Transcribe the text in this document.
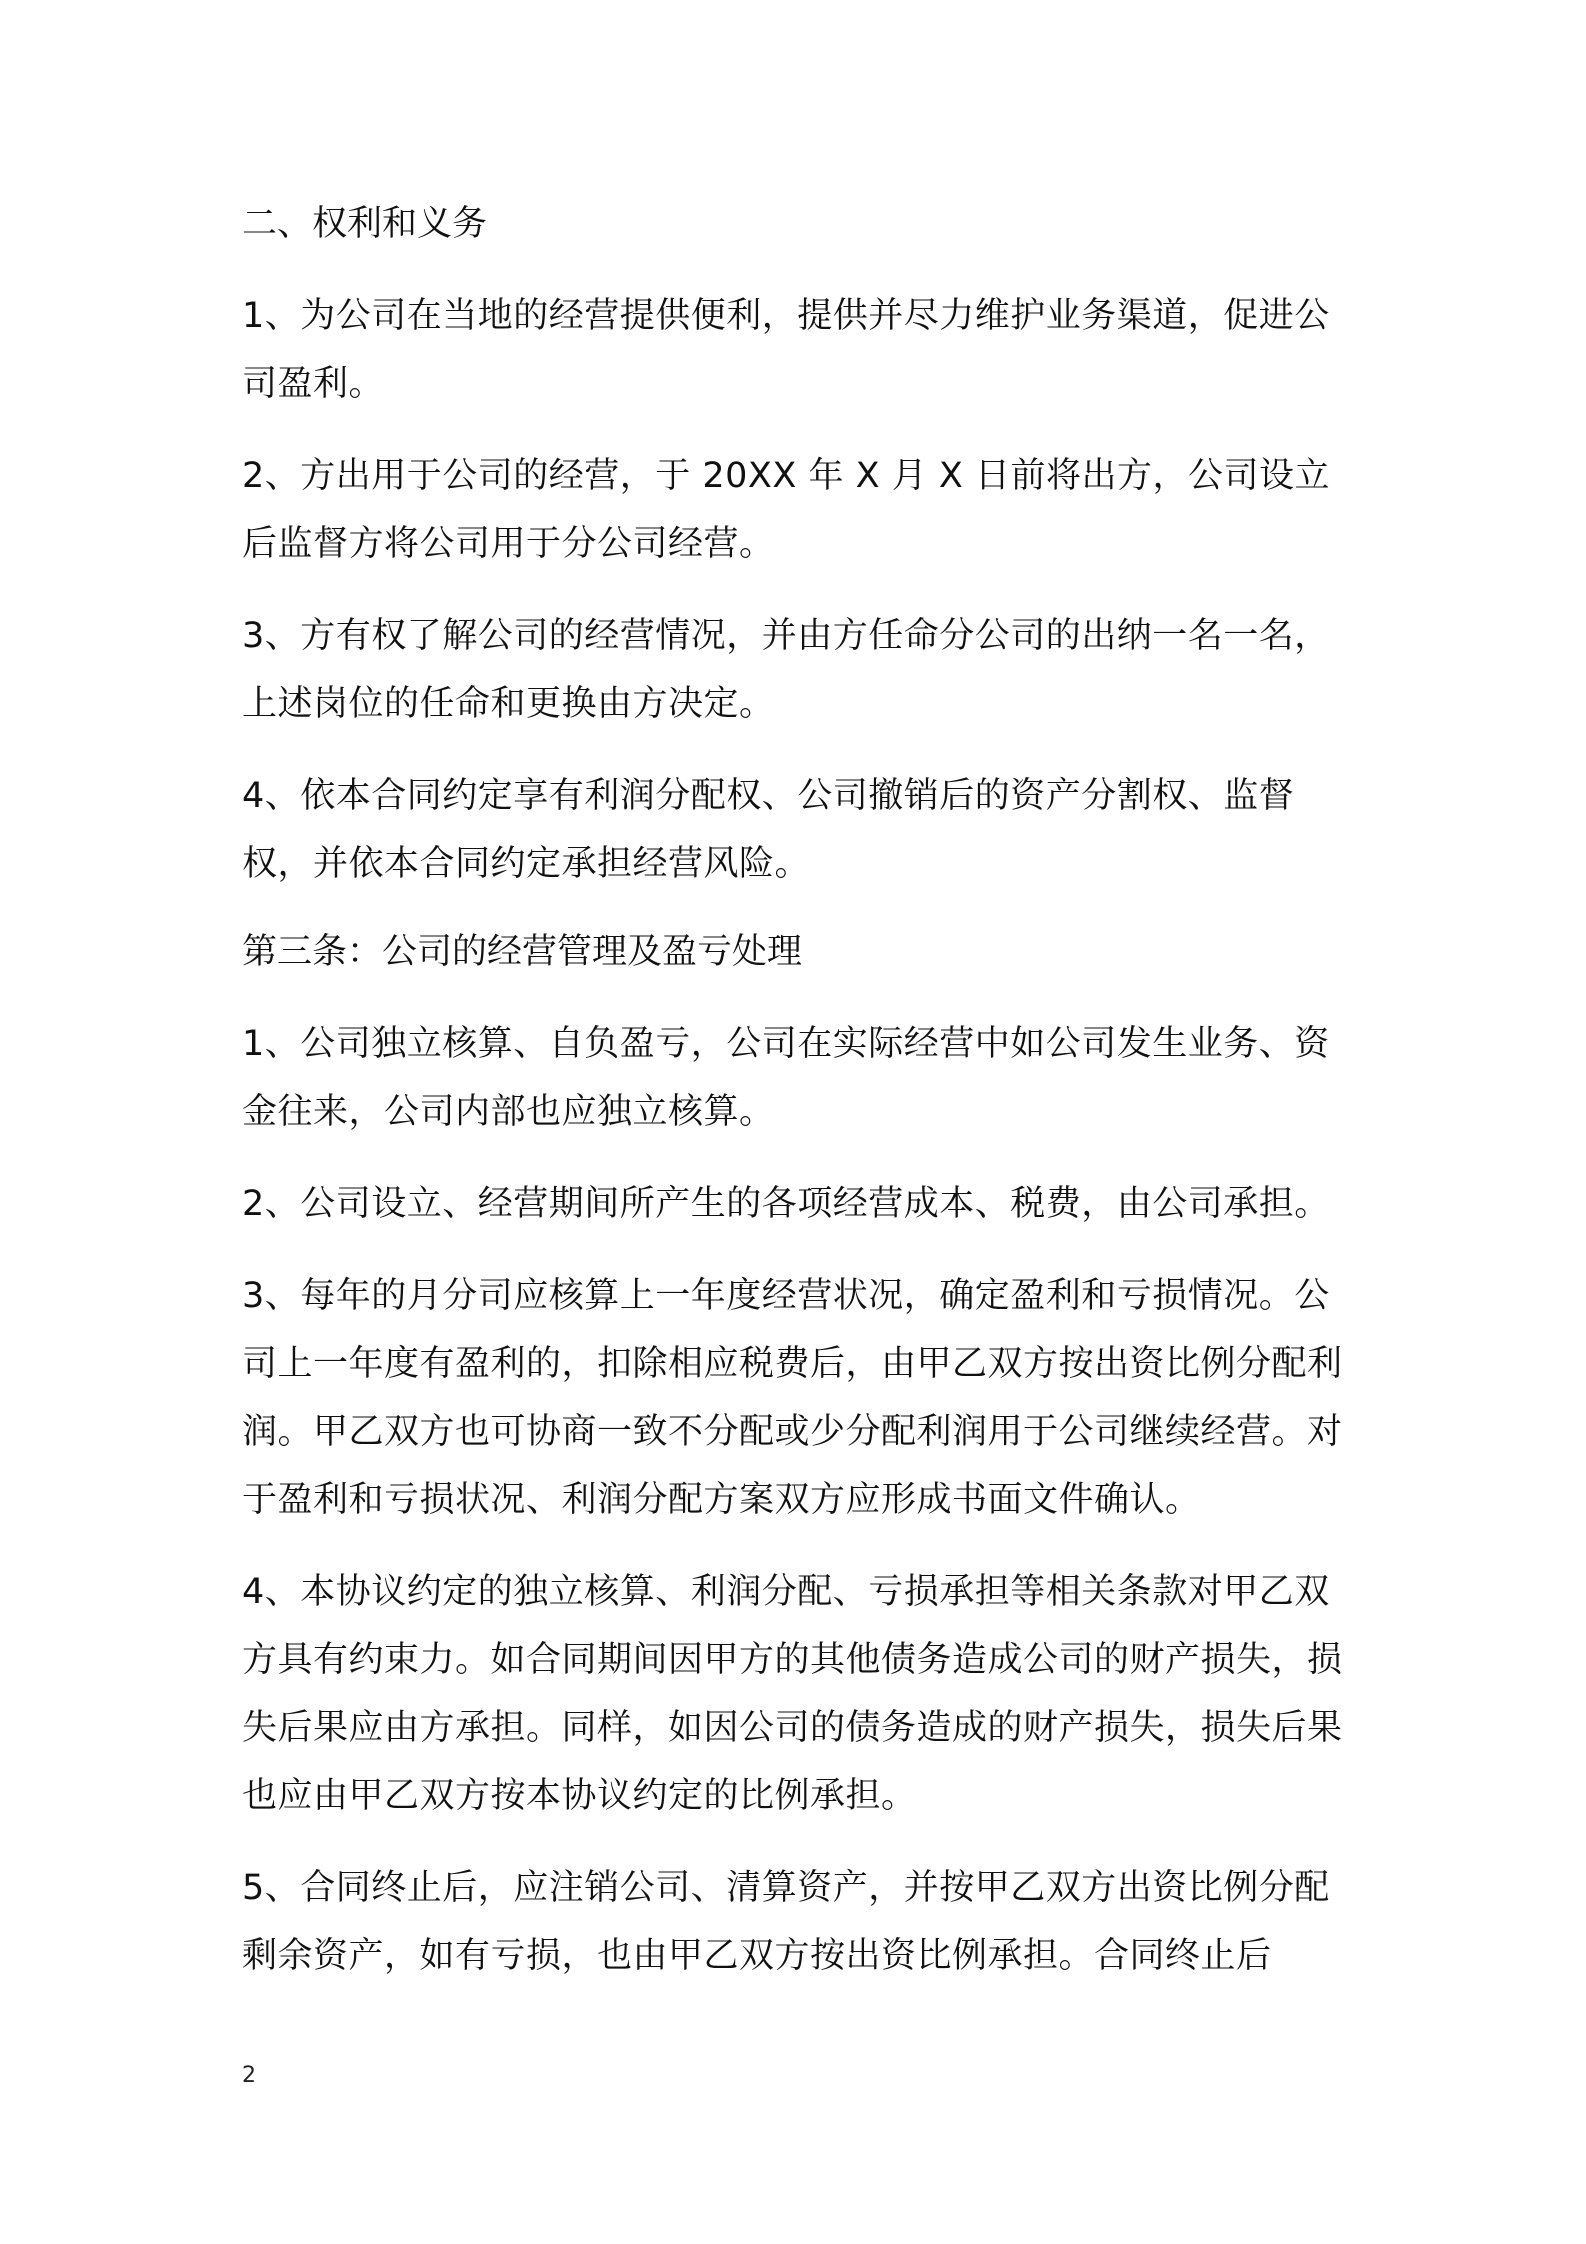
二、权利和义务

1、为公司在当地的经营提供便利，提供并尽力维护业务渠道，促进公司盈利。

2、方出用于公司的经营，于 20XX 年 X 月 X 日前将出方，公司设立后监督方将公司用于分公司经营。

3、方有权了解公司的经营情况，并由方任命分公司的出纳一名一名，上述岗位的任命和更换由方决定。

4、依本合同约定享有利润分配权、公司撤销后的资产分割权、监督权，并依本合同约定承担经营风险。

第三条：公司的经营管理及盈亏处理

1、公司独立核算、自负盈亏，公司在实际经营中如公司发生业务、资金往来，公司内部也应独立核算。

2、公司设立、经营期间所产生的各项经营成本、税费，由公司承担。

3、每年的月分司应核算上一年度经营状况，确定盈利和亏损情况。公司上一年度有盈利的，扣除相应税费后，由甲乙双方按出资比例分配利润。甲乙双方也可协商一致不分配或少分配利润用于公司继续经营。对于盈利和亏损状况、利润分配方案双方应形成书面文件确认。

4、本协议约定的独立核算、利润分配、亏损承担等相关条款对甲乙双方具有约束力。如合同期间因甲方的其他债务造成公司的财产损失，损失后果应由方承担。同样，如因公司的债务造成的财产损失，损失后果也应由甲乙双方按本协议约定的比例承担。

5、合同终止后，应注销公司、清算资产，并按甲乙双方出资比例分配剩余资产，如有亏损，也由甲乙双方按出资比例承担。合同终止后

2
